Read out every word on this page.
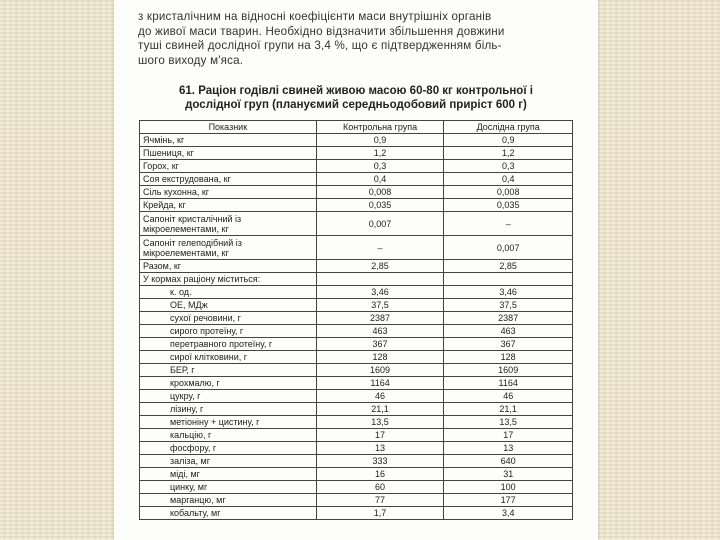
з кристалічним на відносні коефіцієнти маси внутрішніх органів
до живої маси тварин. Необхідно відзначити збільшення довжини
туші свиней дослідної групи на 3,4 %, що є підтвердженням біль-
шого виходу м'яса.
61. Раціон годівлі свиней живою масою 60-80 кг контрольної і
дослідної груп (плануємий середньодобовий приріст 600 г)
Показник	Контрольна група	Дослідна група
Ячмінь, кг	0,9	0,9
Пшениця, кг	1,2	1,2
Горох, кг	0,3	0,3
Соя екструдована, кг	0,4	0,4
Сіль кухонна, кг	0,008	0,008
Крейда, кг	0,035	0,035
Сапоніт кристалічний із мікроелементами, кг	0,007	–
Сапоніт гелеподібний із мікроелементами, кг	–	0,007
Разом, кг	2,85	2,85
У кормах раціону міститься:		
к. од.	3,46	3,46
ОЕ, МДж	37,5	37,5
сухої речовини, г	2387	2387
сирого протеїну, г	463	463
перетравного протеїну, г	367	367
сирої клітковини, г	128	128
БЕР, г	1609	1609
крохмалю, г	1164	1164
цукру, г	46	46
лізину, г	21,1	21,1
метіоніну + цистину, г	13,5	13,5
кальцію, г	17	17
фосфору, г	13	13
заліза, мг	333	640
міді, мг	16	31
цинку, мг	60	100
марганцю, мг	77	177
кобальту, мг	1,7	3,4
